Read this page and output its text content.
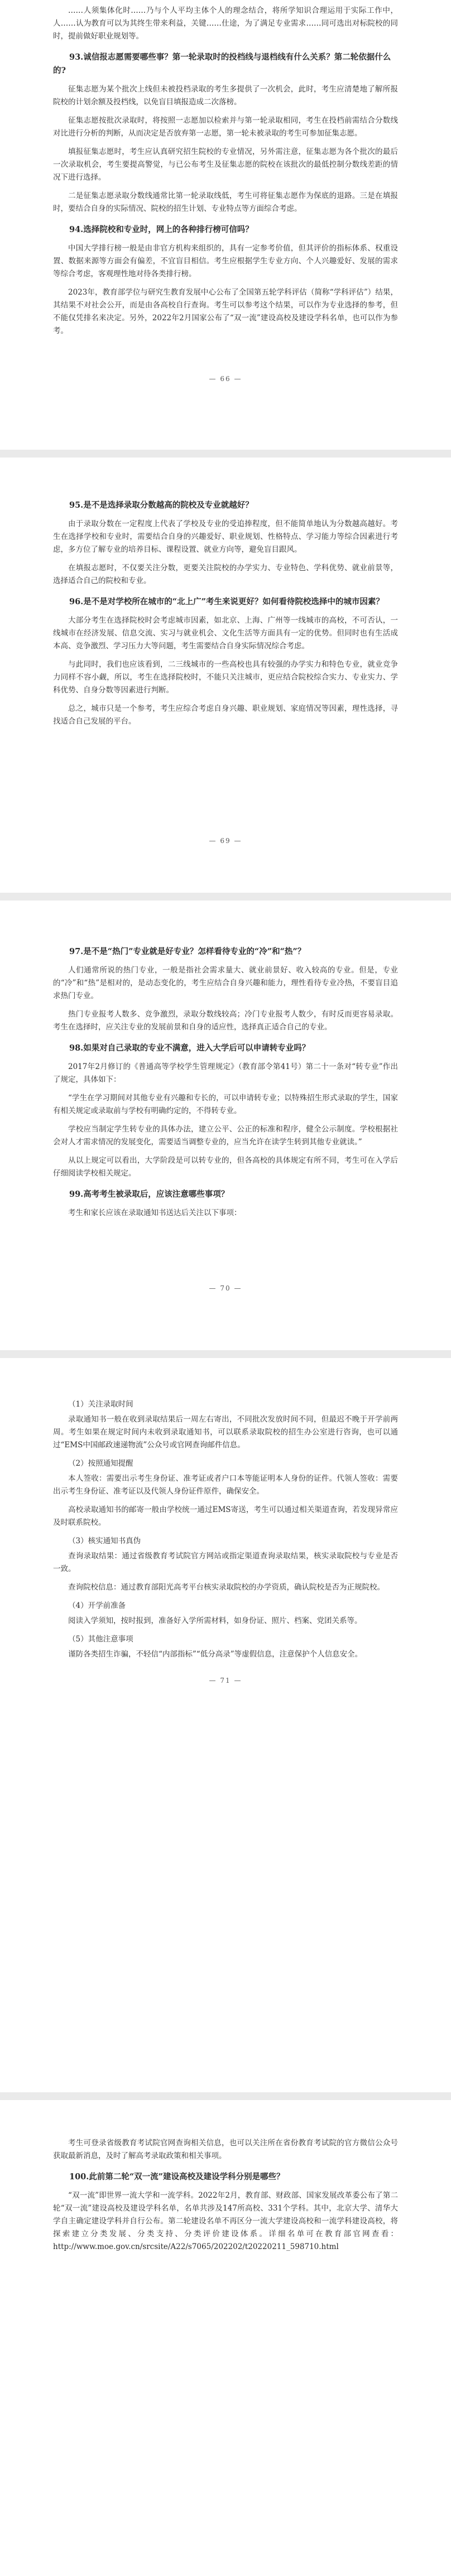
……人须集体化时……乃与个人平均主体个人的理念结合，将所学知识合理运用于实际工作中，人……认为教育可以为其终生带来利益，关键……仕途，为了满足专业需求……同可选出对标院校的同时，提前做好职业规划等。

93.诚信报志愿需要哪些事？第一轮录取时的投档线与退档线有什么关系？第二轮依据什么的?

征集志愿为某个批次上线但未被投档录取的考生多提供了一次机会，此时，考生应清楚地了解所报院校的计划余额及投档线，以免盲目填报造成二次落榜。

征集志愿按批次录取时，将按照一志愿加以检索并与第一轮录取相同，考生在投档前需结合分数线对比进行分析的判断，从而决定是否放弃第一志愿，第一轮未被录取的考生可参加征集志愿。

填报征集志愿时，考生应认真研究招生院校的专业情况，另外需注意，征集志愿为各个批次的最后一次录取机会，考生要提高警觉，与已公布考生及征集志愿的院校在该批次的最低控制分数线差距的情况下进行选择。

二是征集志愿录取分数线通常比第一轮录取线低，考生可将征集志愿作为保底的退路。三是在填报时，要结合自身的实际情况、院校的招生计划、专业特点等方面综合考虑。

94.选择院校和专业时，网上的各种排行榜可信吗？

中国大学排行榜一般是由非官方机构来组织的，具有一定参考价值，但其评价的指标体系、权重设置、数据来源等方面会有偏差，不宜盲目相信。考生应根据学生专业方向、个人兴趣爱好、发展的需求等综合考虑，客观理性地对待各类排行榜。

2023年，教育部学位与研究生教育发展中心公布了全国第五轮学科评估（简称“学科评估”）结果，其结果不对社会公开，而是由各高校自行查询。考生可以参考这个结果，可以作为专业选择的参考，但不能仅凭排名来决定。另外，2022年2月国家公布了“双一流”建设高校及建设学科名单，也可以作为参考。

— 66 —
95.是不是选择录取分数越高的院校及专业就越好？

由于录取分数在一定程度上代表了学校及专业的受追捧程度，但不能简单地认为分数越高越好。考生在选择学校和专业时，需要结合自身的兴趣爱好、职业规划、性格特点、学习能力等综合因素进行考虑，多方位了解专业的培养目标、课程设置、就业方向等，避免盲目跟风。

在填报志愿时，不仅要关注分数，更要关注院校的办学实力、专业特色、学科优势、就业前景等，选择适合自己的院校和专业。

96.是不是对学校所在城市的“北上广”考生来说更好？如何看待院校选择中的城市因素？

大部分考生在选择院校时会考虑城市因素，如北京、上海、广州等一线城市的高校，不可否认，一线城市在经济发展、信息交流、实习与就业机会、文化生活等方面具有一定的优势。但同时也有生活成本高、竞争激烈、学习压力大等问题，考生需要结合自身实际情况综合考虑。

与此同时，我们也应该看到，二三线城市的一些高校也具有较强的办学实力和特色专业，就业竞争力同样不容小觑，所以，考生在选择院校时，不能只关注城市，更应结合院校综合实力、专业实力、学科优势、自身分数等因素进行判断。

总之，城市只是一个参考，考生应综合考虑自身兴趣、职业规划、家庭情况等因素，理性选择，寻找适合自己发展的平台。

— 69 —
97.是不是“热门”专业就是好专业？怎样看待专业的“冷”和“热”？

人们通常所说的热门专业，一般是指社会需求量大、就业前景好、收入较高的专业。但是，专业的“冷”和“热”是相对的，是动态变化的，考生应结合自身兴趣和能力，理性看待专业冷热，不要盲目追求热门专业。

热门专业报考人数多、竞争激烈，录取分数线较高；冷门专业报考人数少，有时反而更容易录取。考生在选择时，应关注专业的发展前景和自身的适应性，选择真正适合自己的专业。

98.如果对自己录取的专业不满意，进入大学后可以申请转专业吗？

2017年2月修订的《普通高等学校学生管理规定》（教育部令第41号）第二十一条对“转专业”作出了规定，具体如下：

“学生在学习期间对其他专业有兴趣和专长的，可以申请转专业；以特殊招生形式录取的学生，国家有相关规定或录取前与学校有明确约定的，不得转专业。

学校应当制定学生转专业的具体办法，建立公平、公正的标准和程序，健全公示制度。学校根据社会对人才需求情况的发展变化，需要适当调整专业的，应当允许在读学生转到其他专业就读。”

从以上规定可以看出，大学阶段是可以转专业的，但各高校的具体规定有所不同，考生可在入学后仔细阅读学校相关规定。

99.高考考生被录取后，应该注意哪些事项？

考生和家长应该在录取通知书送达后关注以下事项：

— 70 —

（1）关注录取时间

录取通知书一般在收到录取结果后一周左右寄出，不同批次发放时间不同，但最迟不晚于开学前两周。考生如果在规定时间内未收到录取通知书，可以联系录取院校的招生办公室进行咨询，也可以通过“EMS中国邮政速递物流”公众号或官网查询邮件信息。

（2）按照通知提醒

本人签收：需要出示考生身份证、准考证或者户口本等能证明本人身份的证件。代领人签收：需要出示考生身份证、准考证以及代领人身份证件原件，确保安全。

高校录取通知书的邮寄一般由学校统一通过EMS寄送，考生可以通过相关渠道查询，若发现异常应及时联系院校。

（3）核实通知书真伪

查询录取结果：通过省级教育考试院官方网站或指定渠道查询录取结果，核实录取院校与专业是否一致。

查询院校信息：通过教育部阳光高考平台核实录取院校的办学资质，确认院校是否为正规院校。

（4）开学前准备

阅读入学须知，按时报到，准备好入学所需材料，如身份证、照片、档案、党团关系等。

（5）其他注意事项

谨防各类招生诈骗，不轻信“内部指标”“低分高录”等虚假信息，注意保护个人信息安全。

— 71 —

考生可登录省级教育考试院官网查询相关信息，也可以关注所在省份教育考试院的官方微信公众号获取最新消息，及时了解高考录取政策和相关事项。

100.此前第二轮“双一流”建设高校及建设学科分别是哪些？

“双一流”即世界一流大学和一流学科。2022年2月，教育部、财政部、国家发展改革委公布了第二轮“双一流”建设高校及建设学科名单，名单共涉及147所高校、331个学科。其中，北京大学、清华大学自主确定建设学科并自行公布。第二轮建设名单不再区分一流大学建设高校和一流学科建设高校，将探索建立分类发展、分类支持、分类评价建设体系。详细名单可在教育部官网查看：http://www.moe.gov.cn/srcsite/A22/s7065/202202/t20220211_598710.html
